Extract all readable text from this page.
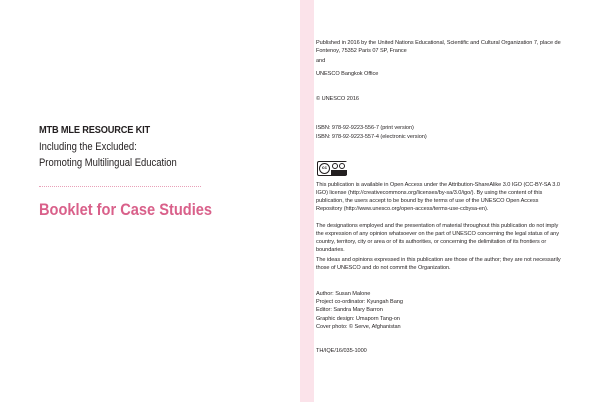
MTB MLE RESOURCE KIT
Including the Excluded:
Promoting Multilingual Education
Booklet for Case Studies
Published in 2016 by the United Nations Educational, Scientific and Cultural Organization 7, place de Fontenoy, 75352 Paris 07 SP, France
and
UNESCO Bangkok Office
© UNESCO 2016
ISBN: 978-92-9223-556-7 (print version)
ISBN: 978-92-9223-557-4 (electronic version)
cc
BY SA
This publication is available in Open Access under the Attribution-ShareAlike 3.0 IGO (CC-BY-SA 3.0 IGO) license (http://creativecommons.org/licenses/by-sa/3.0/igo/). By using the content of this publication, the users accept to be bound by the terms of use of the UNESCO Open Access Repository (http://www.unesco.org/open-access/terms-use-ccbysa-en).
The designations employed and the presentation of material throughout this publication do not imply the expression of any opinion whatsoever on the part of UNESCO concerning the legal status of any country, territory, city or area or of its authorities, or concerning the delimitation of its frontiers or boundaries.
The ideas and opinions expressed in this publication are those of the author; they are not necessarily those of UNESCO and do not commit the Organization.
Author: Susan Malone
Project co-ordinator: Kyungah Bang
Editor: Sandra Mary Barron
Graphic design: Umaporn Tang-on
Cover photo: © Serve, Afghanistan
TH/IQE/16/035-1000
